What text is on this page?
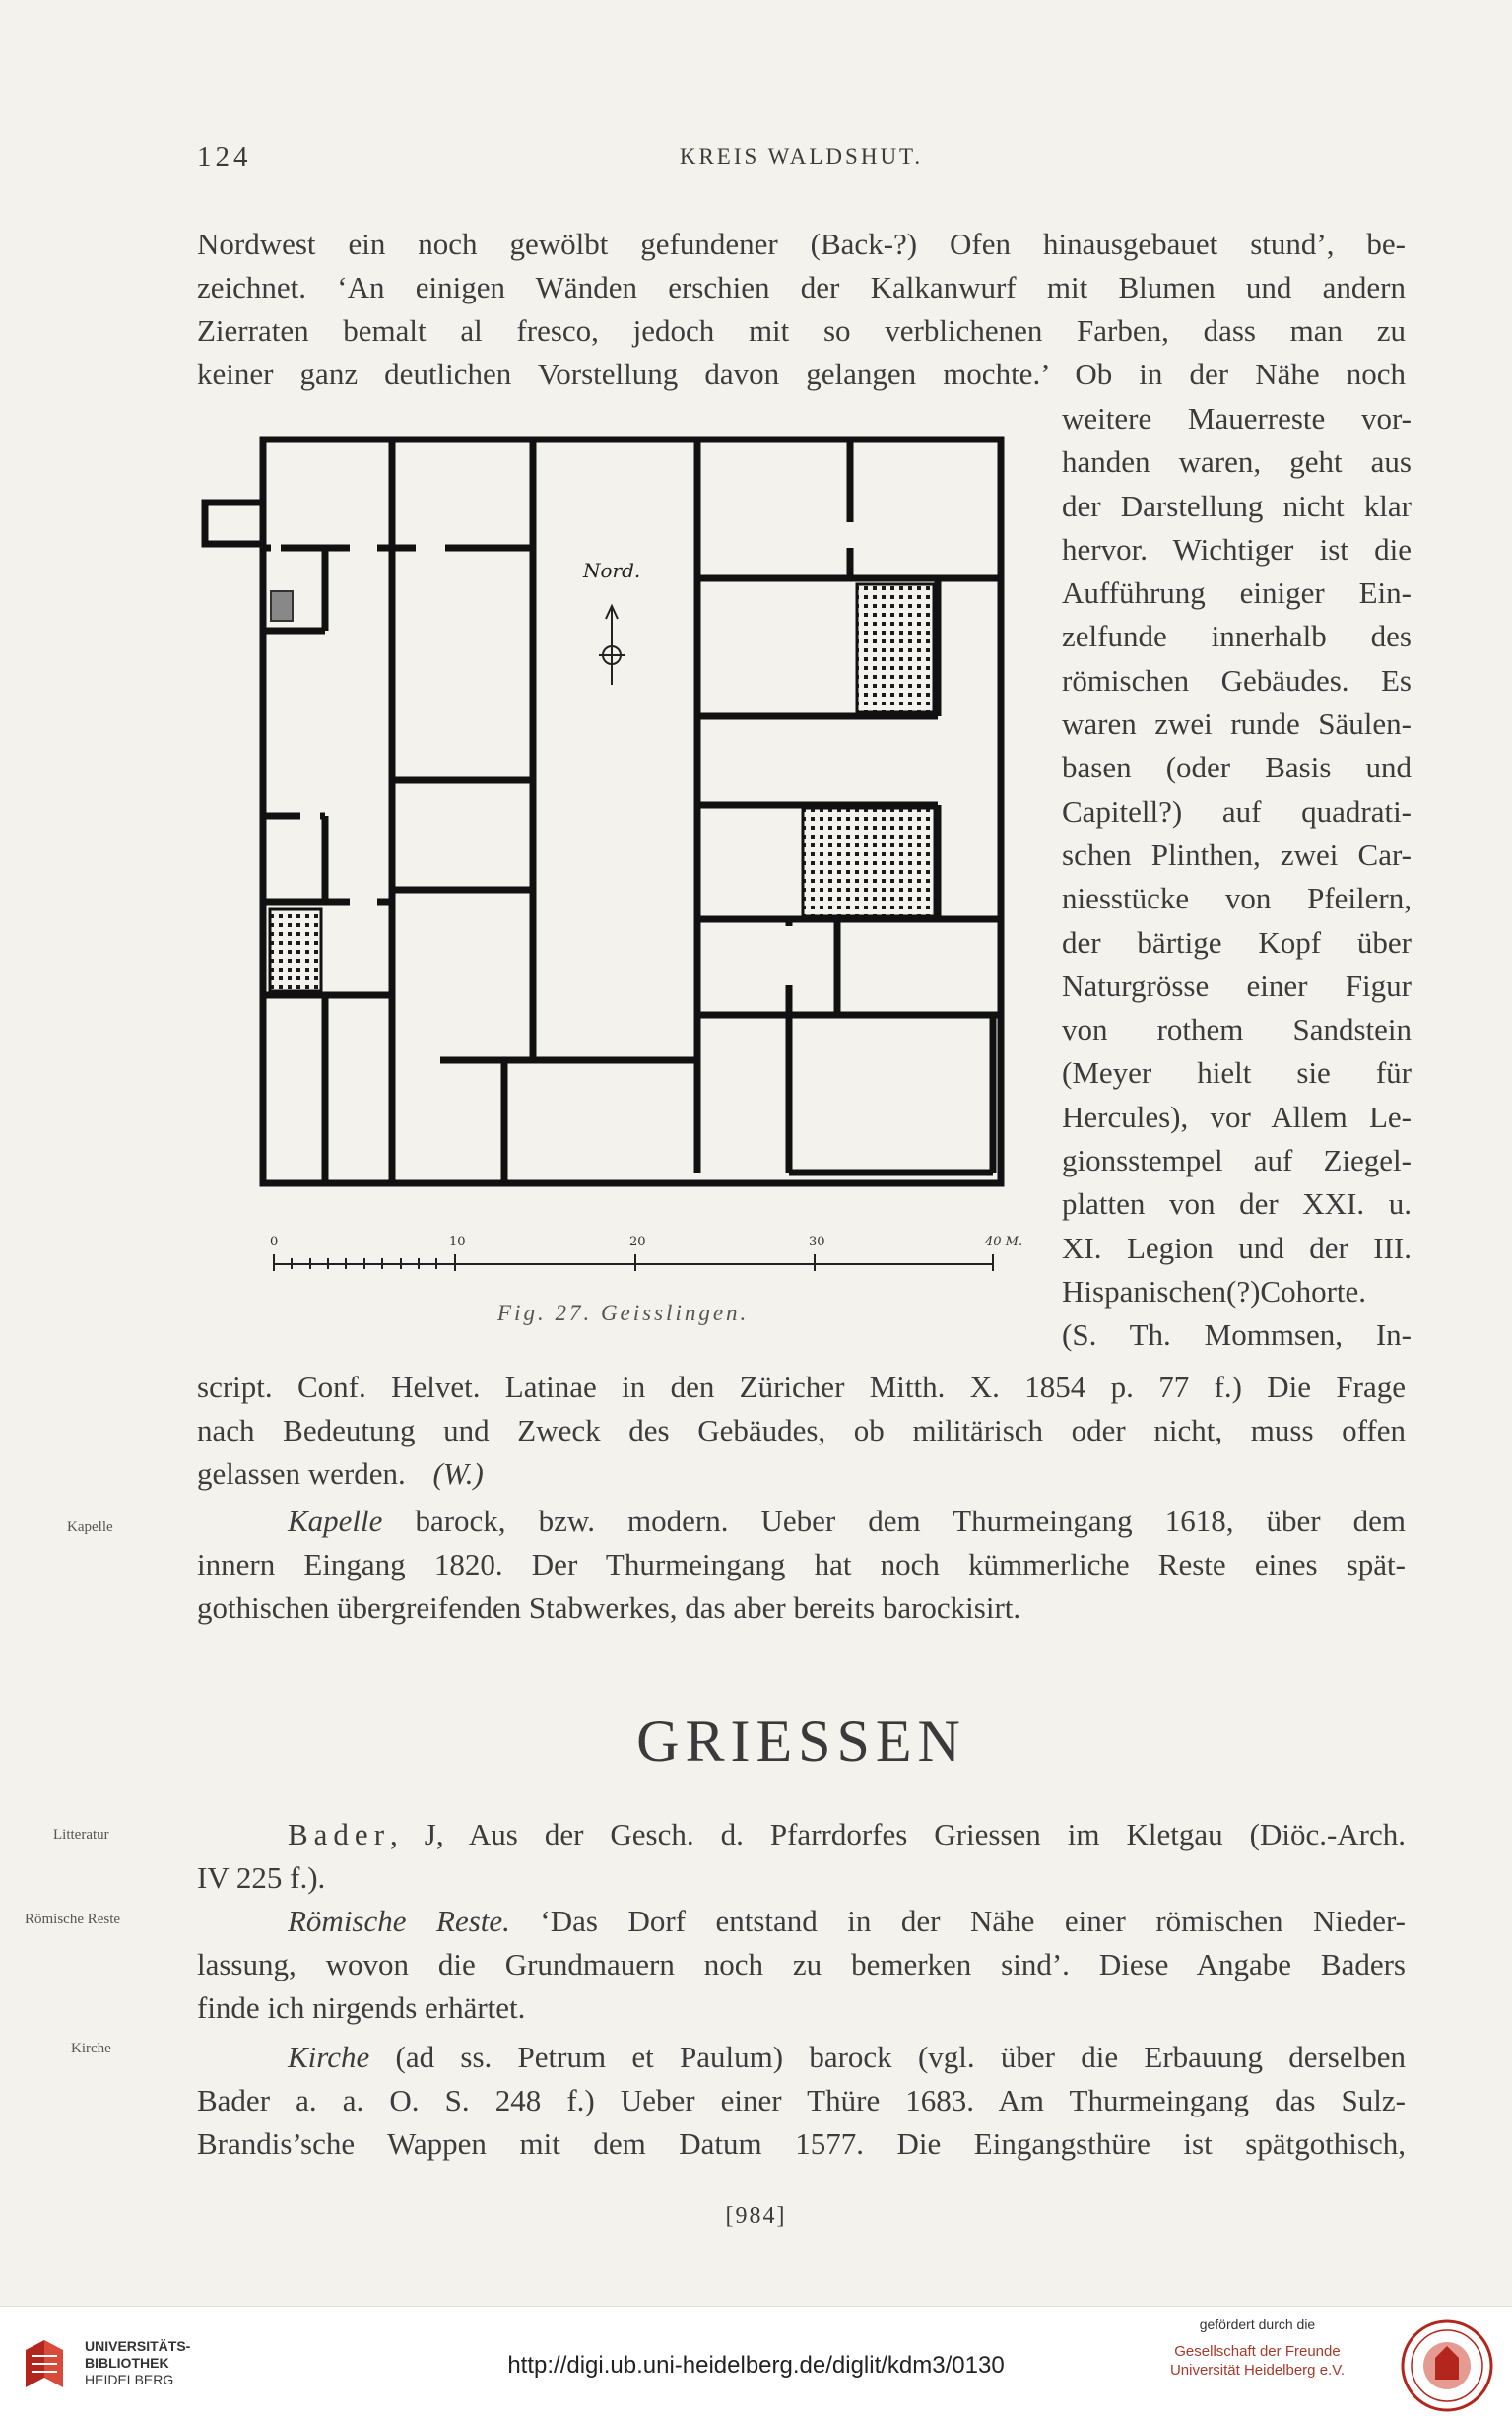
124	KREIS WALDSHUT.
Nordwest ein noch gewölbt gefundener (Back-?) Ofen hinausgebauet stund’, be-
zeichnet. ‘An einigen Wänden erschien der Kalkanwurf mit Blumen und andern
Zierraten bemalt al fresco, jedoch mit so verblichenen Farben, dass man zu
keiner ganz deutlichen Vorstellung davon gelangen mochte.’ Ob in der Nähe noch
weitere Mauerreste vor-
handen waren, geht aus
der Darstellung nicht klar
hervor. Wichtiger ist die
Aufführung einiger Ein-
zelfunde innerhalb des
römischen Gebäudes. Es
waren zwei runde Säulen-
basen (oder Basis und
Capitell?) auf quadrati-
schen Plinthen, zwei Car-
niesstücke von Pfeilern,
der bärtige Kopf über
Naturgrösse einer Figur
von rothem Sandstein
(Meyer hielt sie für
Hercules), vor Allem Le-
gionsstempel auf Ziegel-
platten von der XXI. u.
XI. Legion und der III.
Hispanischen(?)Cohorte.
(S. Th. Mommsen, In-
Nord.
0	10	20	30	40 M.
Fig. 27. Geisslingen.
script. Conf. Helvet. Latinae in den Züricher Mitth. X. 1854 p. 77 f.) Die Frage
nach Bedeutung und Zweck des Gebäudes, ob militärisch oder nicht, muss offen
gelassen werden. (W.)
Kapelle	Kapelle barock, bzw. modern. Ueber dem Thurmeingang 1618, über dem
innern Eingang 1820. Der Thurmeingang hat noch kümmerliche Reste eines spät-
gothischen übergreifenden Stabwerkes, das aber bereits barockisirt.
GRIESSEN
Litteratur	Bader, J, Aus der Gesch. d. Pfarrdorfes Griessen im Kletgau (Diöc.-Arch.
IV 225 f.).
Römische Reste	Römische Reste. ‘Das Dorf entstand in der Nähe einer römischen Nieder-
lassung, wovon die Grundmauern noch zu bemerken sind’. Diese Angabe Baders
finde ich nirgends erhärtet.
Kirche	Kirche (ad ss. Petrum et Paulum) barock (vgl. über die Erbauung derselben
Bader a. a. O. S. 248 f.) Ueber einer Thüre 1683. Am Thurmeingang das Sulz-
Brandis’sche Wappen mit dem Datum 1577. Die Eingangsthüre ist spätgothisch,
[984]
UNIVERSITÄTS-
BIBLIOTHEK
HEIDELBERG
http://digi.ub.uni-heidelberg.de/diglit/kdm3/0130
gefördert durch die
Gesellschaft der Freunde
Universität Heidelberg e.V.
